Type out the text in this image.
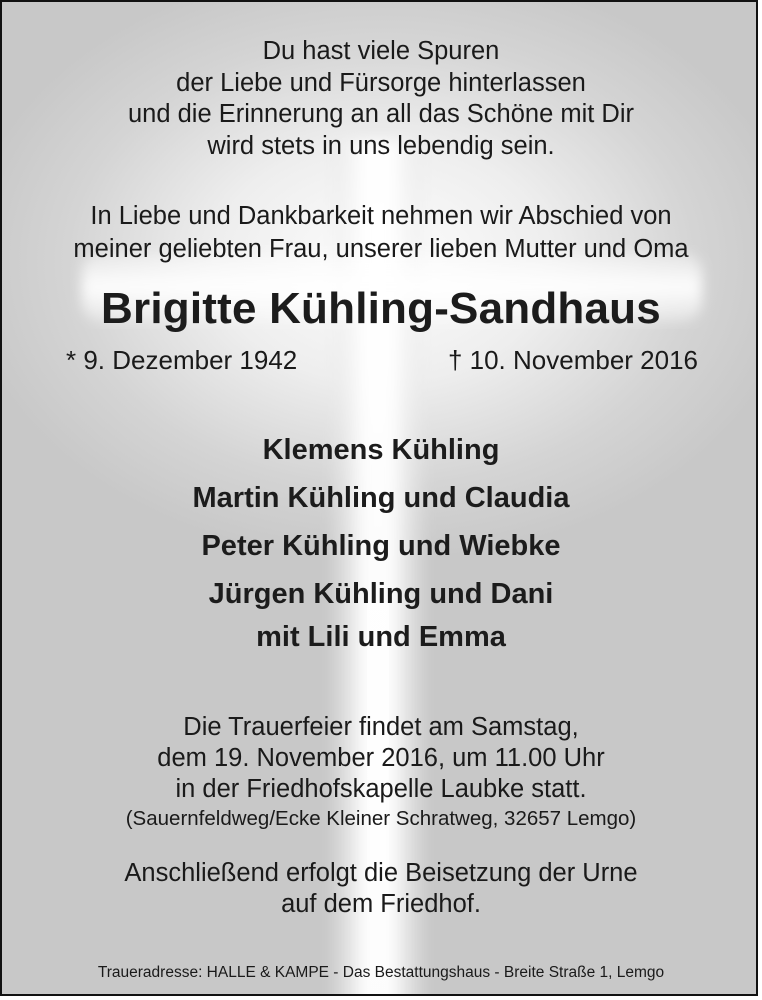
Du hast viele Spuren
der Liebe und Fürsorge hinterlassen
und die Erinnerung an all das Schöne mit Dir
wird stets in uns lebendig sein.
In Liebe und Dankbarkeit nehmen wir Abschied von
meiner geliebten Frau, unserer lieben Mutter und Oma
Brigitte Kühling-Sandhaus
* 9. Dezember 1942	† 10. November 2016
Klemens Kühling
Martin Kühling und Claudia
Peter Kühling und Wiebke
Jürgen Kühling und Dani
mit Lili und Emma
Die Trauerfeier findet am Samstag,
dem 19. November 2016, um 11.00 Uhr
in der Friedhofskapelle Laubke statt.
(Sauernfeldweg/Ecke Kleiner Schratweg, 32657 Lemgo)
Anschließend erfolgt die Beisetzung der Urne
auf dem Friedhof.
Traueradresse: HALLE & KAMPE - Das Bestattungshaus - Breite Straße 1, Lemgo
